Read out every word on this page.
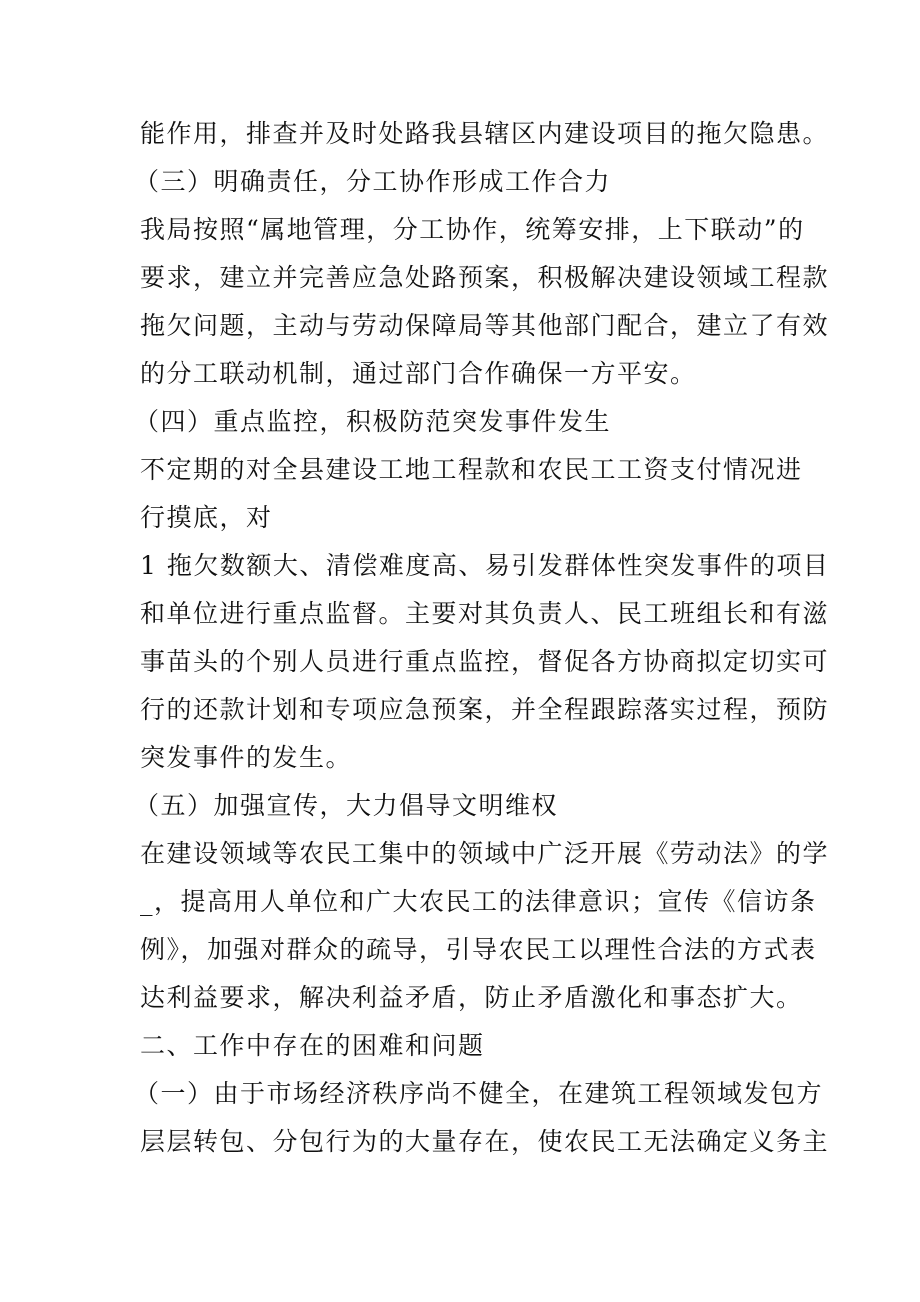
能作用，排查并及时处路我县辖区内建设项目的拖欠隐患。
（三）明确责任，分工协作形成工作合力
我局按照“属地管理，分工协作，统筹安排，上下联动”的
要求，建立并完善应急处路预案，积极解决建设领域工程款
拖欠问题，主动与劳动保障局等其他部门配合，建立了有效
的分工联动机制，通过部门合作确保一方平安。
（四）重点监控，积极防范突发事件发生
不定期的对全县建设工地工程款和农民工工资支付情况进
行摸底，对
1 拖欠数额大、清偿难度高、易引发群体性突发事件的项目
和单位进行重点监督。主要对其负责人、民工班组长和有滋
事苗头的个别人员进行重点监控，督促各方协商拟定切实可
行的还款计划和专项应急预案，并全程跟踪落实过程，预防
突发事件的发生。
（五）加强宣传，大力倡导文明维权
在建设领域等农民工集中的领域中广泛开展《劳动法》的学
_，提高用人单位和广大农民工的法律意识；宣传《信访条
例》，加强对群众的疏导，引导农民工以理性合法的方式表
达利益要求，解决利益矛盾，防止矛盾激化和事态扩大。
二、工作中存在的困难和问题
（一）由于市场经济秩序尚不健全，在建筑工程领域发包方
层层转包、分包行为的大量存在，使农民工无法确定义务主
